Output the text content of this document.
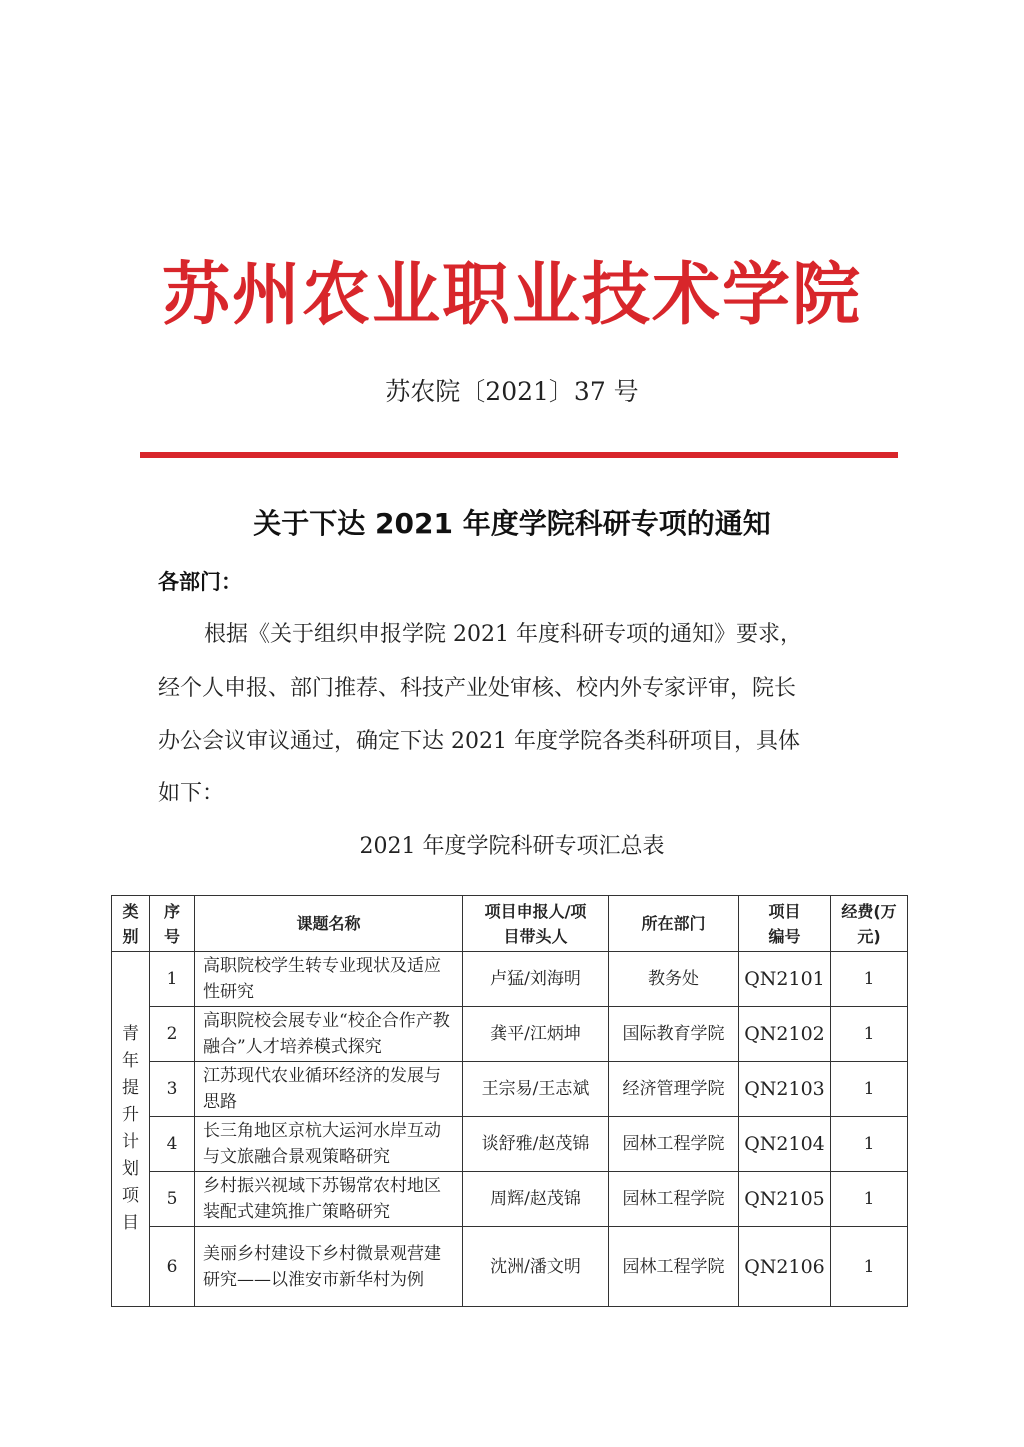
苏州农业职业技术学院
苏农院〔2021〕37 号
关于下达 2021 年度学院科研专项的通知
各部门：
根据《关于组织申报学院 2021 年度科研专项的通知》要求，
经个人申报、部门推荐、科技产业处审核、校内外专家评审，院长
办公会议审议通过，确定下达 2021 年度学院各类科研项目，具体
如下：
2021 年度学院科研专项汇总表
类别	序号	课题名称	项目申报人/项目带头人	所在部门	项目编号	经费(万元)
青年提升计划项目	1	高职院校学生转专业现状及适应性研究	卢猛/刘海明	教务处	QN2101	1
	2	高职院校会展专业“校企合作产教融合”人才培养模式探究	龚平/江炳坤	国际教育学院	QN2102	1
	3	江苏现代农业循环经济的发展与思路	王宗易/王志斌	经济管理学院	QN2103	1
	4	长三角地区京杭大运河水岸互动与文旅融合景观策略研究	谈舒雅/赵茂锦	园林工程学院	QN2104	1
	5	乡村振兴视域下苏锡常农村地区装配式建筑推广策略研究	周辉/赵茂锦	园林工程学院	QN2105	1
	6	美丽乡村建设下乡村微景观营建研究——以淮安市新华村为例	沈洲/潘文明	园林工程学院	QN2106	1
